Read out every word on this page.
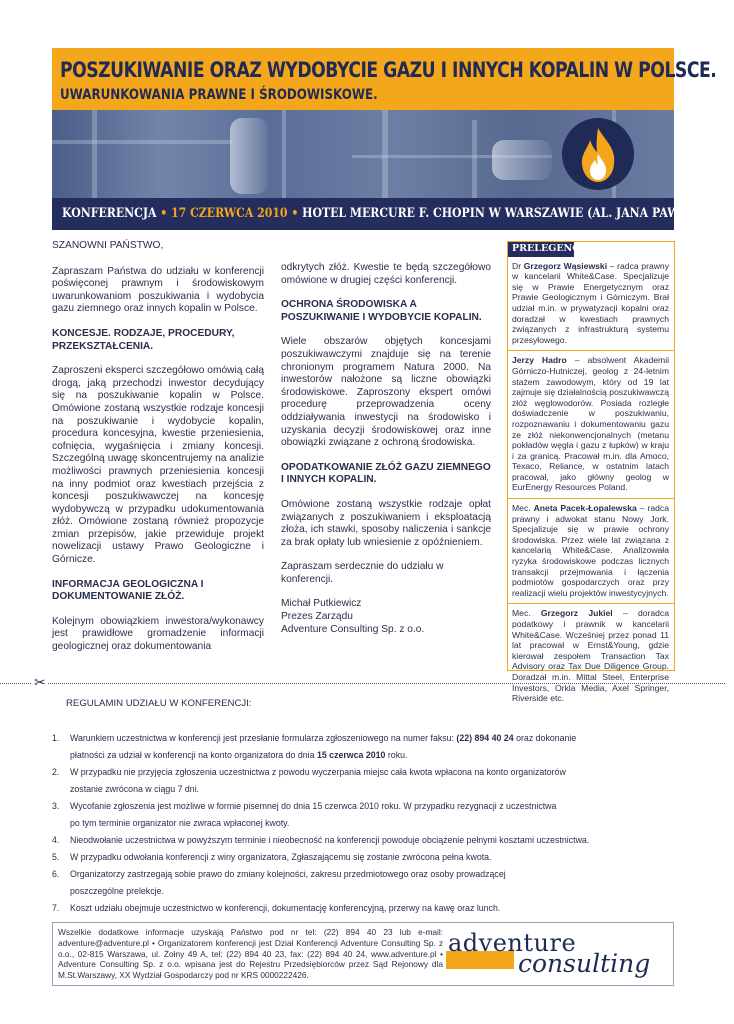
POSZUKIWANIE ORAZ WYDOBYCIE GAZU I INNYCH KOPALIN W POLSCE.
UWARUNKOWANIA PRAWNE I ŚRODOWISKOWE.
KONFERENCJA • 17 CZERWCA 2010 • HOTEL MERCURE F. CHOPIN W WARSZAWIE (AL. JANA PAWŁA II 22)
SZANOWNI PAŃSTWO,

Zapraszam Państwa do udziału w konferencji poświęconej prawnym i środowiskowym uwarunkowaniom poszukiwania i wydobycia gazu ziemnego oraz innych kopalin w Polsce.

KONCESJE. RODZAJE, PROCEDURY, PRZEKSZTAŁCENIA.

Zaproszeni eksperci szczegółowo omówią całą drogą, jaką przechodzi inwestor decydujący się na poszukiwanie kopalin w Polsce. Omówione zostaną wszystkie rodzaje koncesji na poszukiwanie i wydobycie kopalin, procedura koncesyjna, kwestie przeniesienia, cofnięcia, wygaśnięcia i zmiany koncesji. Szczególną uwagę skoncentrujemy na analizie możliwości prawnych przeniesienia koncesji na inny podmiot oraz kwestiach przejścia z koncesji poszukiwawczej na koncesję wydobywczą w przypadku udokumentowania złóż. Omówione zostaną również propozycje zmian przepisów, jakie przewiduje projekt nowelizacji ustawy Prawo Geologiczne i Górnicze.

INFORMACJA GEOLOGICZNA I DOKUMENTOWANIE ZŁÓŻ.

Kolejnym obowiązkiem inwestora/wykonawcy jest prawidłowe gromadzenie informacji geologicznej oraz dokumentowania

odkrytych złóż. Kwestie te będą szczegółowo omówione w drugiej części konferencji.

OCHRONA ŚRODOWISKA A POSZUKIWANIE I WYDOBYCIE KOPALIN.

Wiele obszarów objętych koncesjami poszukiwawczymi znajduje się na terenie chronionym programem Natura 2000. Na inwestorów nałożone są liczne obowiązki środowiskowe. Zaproszony ekspert omówi procedurę przeprowadzenia oceny oddziaływania inwestycji na środowisko i uzyskania decyzji środowiskowej oraz inne obowiązki związane z ochroną środowiska.

OPODATKOWANIE ZŁÓŻ GAZU ZIEMNEGO I INNYCH KOPALIN.

Omówione zostaną wszystkie rodzaje opłat związanych z poszukiwaniem i eksploatacją złoża, ich stawki, sposoby naliczenia i sankcje za brak opłaty lub wniesienie z opóźnieniem.

Zapraszam serdecznie do udziału w konferencji.

Michał Putkiewicz
Prezes Zarządu
Adventure Consulting Sp. z o.o.
PRELEGENCI:
Dr Grzegorz Wąsiewski – radca prawny w kancelarii White&Case. Specjalizuje się w Prawie Energetycznym oraz Prawie Geologicznym i Górniczym. Brał udział m.in. w prywatyzacji kopalni oraz doradzał w kwestiach prawnych związanych z infrastrukturą systemu przesyłowego.
Jerzy Hadro – absolwent Akademii Górniczo-Hutniczej, geolog z 24-letnim stażem zawodowym, który od 19 lat zajmuje się działalnością poszukiwawczą złóż węglowodorów. Posiada rozległe doświadczenie w poszukiwaniu, rozpoznawaniu i dokumentowaniu gazu ze złóż niekonwencjonalnych (metanu pokładów węgla i gazu z łupków) w kraju i za granicą. Pracował m.in. dla Amoco, Texaco, Reliance, w ostatnim latach pracował, jako główny geolog w EurEnergy Resources Poland.
Mec. Aneta Pacek-Łopalewska – radca prawny i adwokat stanu Nowy Jork. Specjalizuje się w prawie ochrony środowiska. Przez wiele lat związana z kancelarią White&Case. Analizowała ryzyka środowiskowe podczas licznych transakcji przejmowania i łączenia podmiotów gospodarczych oraz przy realizacji wielu projektów inwestycyjnych.
Mec. Grzegorz Jukiel – doradca podatkowy i prawnik w kancelarii White&Case. Wcześniej przez ponad 11 lat pracował w Ernst&Young, gdzie kierował zespołem Transaction Tax Advisory oraz Tax Due Diligence Group. Doradzał m.in. Mittal Steel, Enterprise Investors, Orkla Media, Axel Springer, Riverside etc.
✂
REGULAMIN UDZIAŁU W KONFERENCJI:
1. Warunkiem uczestnictwa w konferencji jest przesłanie formularza zgłoszeniowego na numer faksu: (22) 894 40 24 oraz dokonanie
płatności za udział w konferencji na konto organizatora do dnia 15 czerwca 2010 roku.
2. W przypadku nie przyjęcia zgłoszenia uczestnictwa z powodu wyczerpania miejsc cała kwota wpłacona na konto organizatorów
zostanie zwrócona w ciągu 7 dni.
3. Wycofanie zgłoszenia jest możliwe w formie pisemnej do dnia 15 czerwca 2010 roku. W przypadku rezygnacji z uczestnictwa
po tym terminie organizator nie zwraca wpłaconej kwoty.
4. Nieodwołanie uczestnictwa w powyższym terminie i nieobecność na konferencji powoduje obciążenie pełnymi kosztami uczestnictwa.
5. W przypadku odwołania konferencji z winy organizatora, Zgłaszającemu się zostanie zwrócona pełna kwota.
6. Organizatorzy zastrzegają sobie prawo do zmiany kolejności, zakresu przedmiotowego oraz osoby prowadzącej
poszczególne prelekcje.
7. Koszt udziału obejmuje uczestnictwo w konferencji, dokumentację konferencyjną, przerwy na kawę oraz lunch.
Wszelkie dodatkowe informacje uzyskają Państwo pod nr tel: (22) 894 40 23 lub e-mail: adventure@adventure.pl • Organizatorem konferencji jest Dział Konferencji Adventure Consulting Sp. z o.o., 02-815 Warszawa, ul. Żołny 49 A, tel: (22) 894 40 23, fax: (22) 894 40 24, www.adventure.pl • Adventure Consulting Sp. z o.o. wpisana jest do Rejestru Przedsiębiorców przez Sąd Rejonowy dla M.St.Warszawy, XX Wydział Gospodarczy pod nr KRS 0000222426.
adventure
consulting
